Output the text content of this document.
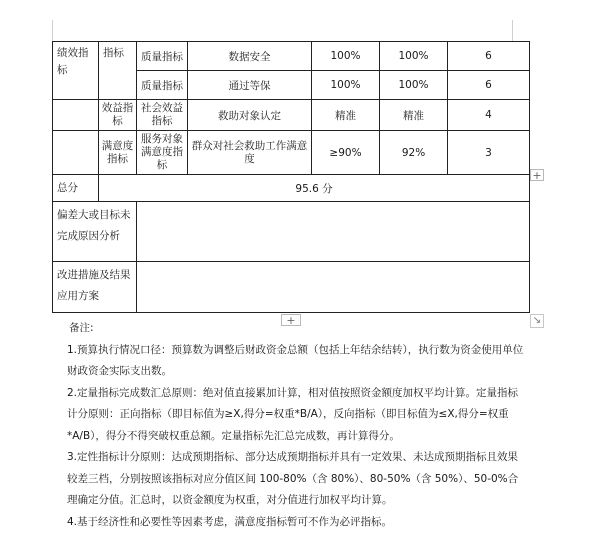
绩效指标	指标	质量指标	数据安全	100%	100%	6
		质量指标	通过等保	100%	100%	6
	效益指标	社会效益指标	救助对象认定	精准	精准	4
	满意度指标	服务对象满意度指标	群众对社会救助工作满意度	≥90%	92%	3
总分	95.6 分					
偏差大或目标未完成原因分析						
改进措施及结果应用方案						
+
+	↘

备注:

1.预算执行情况口径：预算数为调整后财政资金总额（包括上年结余结转），执行数为资金使用单位财政资金实际支出数。

2.定量指标完成数汇总原则：绝对值直接累加计算，相对值按照资金额度加权平均计算。定量指标计分原则：正向指标（即目标值为≥X,得分=权重*B/A），反向指标（即目标值为≤X,得分=权重*A/B），得分不得突破权重总额。定量指标先汇总完成数，再计算得分。

3.定性指标计分原则：达成预期指标、部分达成预期指标并具有一定效果、未达成预期指标且效果较差三档，分别按照该指标对应分值区间 100-80%（含 80%）、80-50%（含 50%）、50-0%合理确定分值。汇总时，以资金额度为权重，对分值进行加权平均计算。

4.基于经济性和必要性等因素考虑，满意度指标暂可不作为必评指标。
